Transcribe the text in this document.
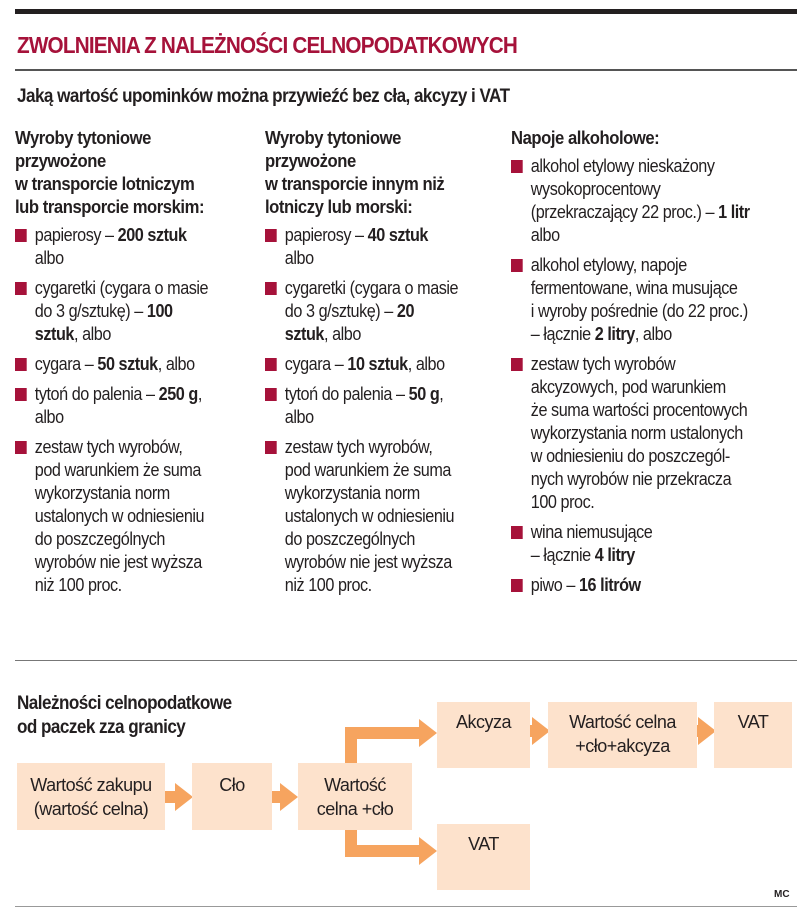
ZWOLNIENIA Z NALEŻNOŚCI CELNOPODATKOWYCH
Jaką wartość upominków można przywieźć bez cła, akcyzy i VAT
Wyroby tytoniowe
przywożone
w transporcie lotniczym
lub transporcie morskim:
papierosy – 200 sztuk
albo
cygaretki (cygara o masie
do 3 g/sztukę) – 100
sztuk, albo
cygara – 50 sztuk, albo
tytoń do palenia – 250 g,
albo
zestaw tych wyrobów,
pod warunkiem że suma
wykorzystania norm
ustalonych w odniesieniu
do poszczególnych
wyrobów nie jest wyższa
niż 100 proc.
Wyroby tytoniowe
przywożone
w transporcie innym niż
lotniczy lub morski:
papierosy – 40 sztuk
albo
cygaretki (cygara o masie
do 3 g/sztukę) – 20
sztuk, albo
cygara – 10 sztuk, albo
tytoń do palenia – 50 g,
albo
zestaw tych wyrobów,
pod warunkiem że suma
wykorzystania norm
ustalonych w odniesieniu
do poszczególnych
wyrobów nie jest wyższa
niż 100 proc.
Napoje alkoholowe:
alkohol etylowy nieskażony
wysokoprocentowy
(przekraczający 22 proc.) – 1 litr
albo
alkohol etylowy, napoje
fermentowane, wina musujące
i wyroby pośrednie (do 22 proc.)
– łącznie 2 litry, albo
zestaw tych wyrobów
akcyzowych, pod warunkiem
że suma wartości procentowych
wykorzystania norm ustalonych
w odniesieniu do poszczegól-
nych wyrobów nie przekracza
100 proc.
wina niemusujące
– łącznie 4 litry
piwo – 16 litrów
Należności celnopodatkowe
od paczek zza granicy
Wartość zakupu
(wartość celna)
Cło	Wartość
celna +cło
Akcyza	Wartość celna
+cło+akcyza
VAT
VAT
MC
